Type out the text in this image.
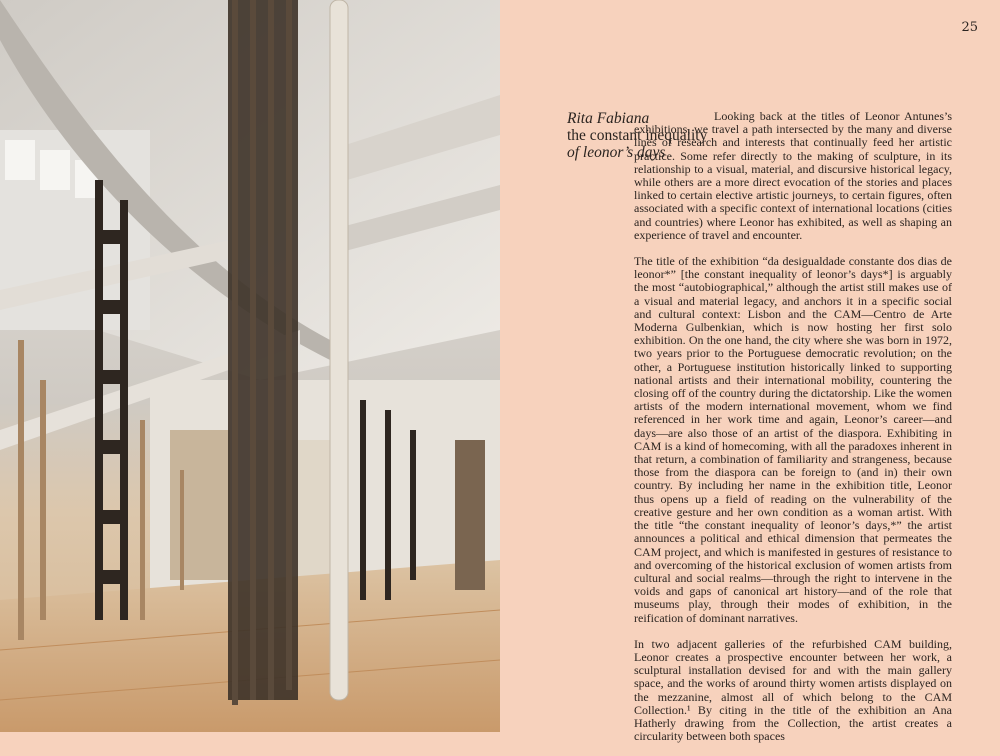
25
Rita Fabiana
the constant inequality
of leonor’s days

Looking back at the titles of Leonor Antunes’s exhibitions, we travel a path intersected by the many and diverse lines of research and interests that continually feed her artistic practice. Some refer directly to the making of sculpture, in its relationship to a visual, material, and discursive historical legacy, while others are a more direct evocation of the stories and places linked to certain elective artistic journeys, to certain figures, often associated with a specific context of international locations (cities and countries) where Leonor has exhibited, as well as shaping an experience of travel and encounter.

The title of the exhibition “da desigualdade constante dos dias de leonor*” [the constant inequality of leonor’s days*] is arguably the most “autobiographical,” although the artist still makes use of a visual and material legacy, and anchors it in a specific social and cultural context: Lisbon and the CAM—Centro de Arte Moderna Gulbenkian, which is now hosting her first solo exhibition. On the one hand, the city where she was born in 1972, two years prior to the Portuguese democratic revolution; on the other, a Portuguese institution historically linked to supporting national artists and their international mobility, countering the closing off of the country during the dictatorship. Like the women artists of the modern international movement, whom we find referenced in her work time and again, Leonor’s career—and days—are also those of an artist of the diaspora. Exhibiting in CAM is a kind of homecoming, with all the paradoxes inherent in that return, a combination of familiarity and strangeness, because those from the diaspora can be foreign to (and in) their own country. By including her name in the exhibition title, Leonor thus opens up a field of reading on the vulnerability of the creative gesture and her own condition as a woman artist. With the title “the constant inequality of leonor’s days,*” the artist announces a political and ethical dimension that permeates the CAM project, and which is manifested in gestures of resistance to and overcoming of the historical exclusion of women artists from cultural and social realms—through the right to intervene in the voids and gaps of canonical art history—and of the role that museums play, through their modes of exhibition, in the reification of dominant narratives.

In two adjacent galleries of the refurbished CAM building, Leonor creates a prospective encounter between her work, a sculptural installation devised for and with the main gallery space, and the works of around thirty women artists displayed on the mezzanine, almost all of which belong to the CAM Collection.¹ By citing in the title of the exhibition an Ana Hatherly drawing from the Collection, the artist creates a circularity between both spaces
